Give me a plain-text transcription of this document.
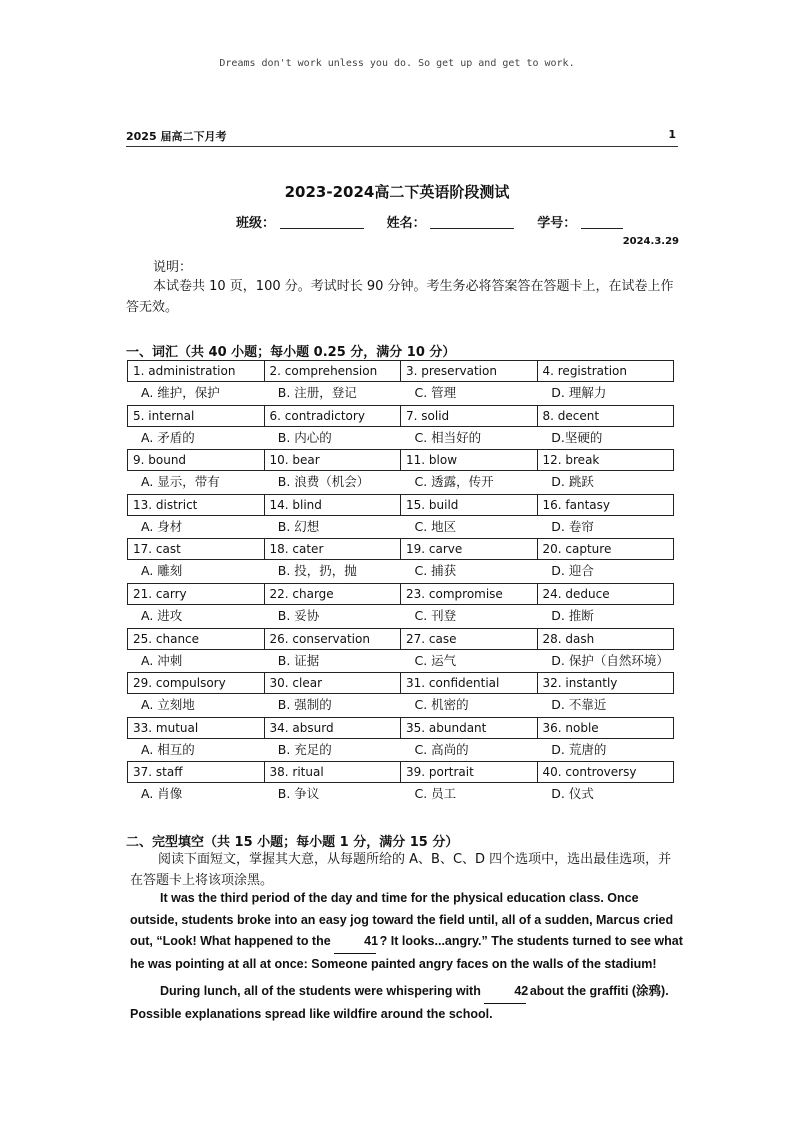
Dreams don't work unless you do. So get up and get to work.
2025 届高二下月考	1
2023-2024高二下英语阶段测试
班级：	姓名：	学号：
2024.3.29
说明：
本试卷共 10 页，100 分。考试时长 90 分钟。考生务必将答案答在答题卡上，在试卷上作答无效。
一、词汇（共 40 小题；每小题 0.25 分，满分 10 分）
1. administration	2. comprehension	3. preservation	4. registration
A. 维护，保护	B. 注册，登记	C. 管理	D. 理解力
5. internal	6. contradictory	7. solid	8. decent
A. 矛盾的	B. 内心的	C. 相当好的	D.坚硬的
9. bound	10. bear	11. blow	12. break
A. 显示，带有	B. 浪费（机会）	C. 透露，传开	D. 跳跃
13. district	14. blind	15. build	16. fantasy
A. 身材	B. 幻想	C. 地区	D. 卷帘
17. cast	18. cater	19. carve	20. capture
A. 雕刻	B. 投，扔，抛	C. 捕获	D. 迎合
21. carry	22. charge	23. compromise	24. deduce
A. 进攻	B. 妥协	C. 刊登	D. 推断
25. chance	26. conservation	27. case	28. dash
A. 冲刺	B. 证据	C. 运气	D. 保护（自然环境）
29. compulsory	30. clear	31. confidential	32. instantly
A. 立刻地	B. 强制的	C. 机密的	D. 不靠近
33. mutual	34. absurd	35. abundant	36. noble
A. 相互的	B. 充足的	C. 高尚的	D. 荒唐的
37. staff	38. ritual	39. portrait	40. controversy
A. 肖像	B. 争议	C. 员工	D. 仪式
二、完型填空（共 15 小题；每小题 1 分，满分 15 分）
阅读下面短文，掌握其大意，从每题所给的 A、B、C、D 四个选项中，选出最佳选项，并在答题卡上将该项涂黑。

It was the third period of the day and time for the physical education class. Once outside, students broke into an easy jog toward the field until, all of a sudden, Marcus cried out, “Look! What happened to the 41 ? It looks...angry.” The students turned to see what he was pointing at all at once: Someone painted angry faces on the walls of the stadium!

During lunch, all of the students were whispering with 42 about the graffiti (涂鸦). Possible explanations spread like wildfire around the school.
